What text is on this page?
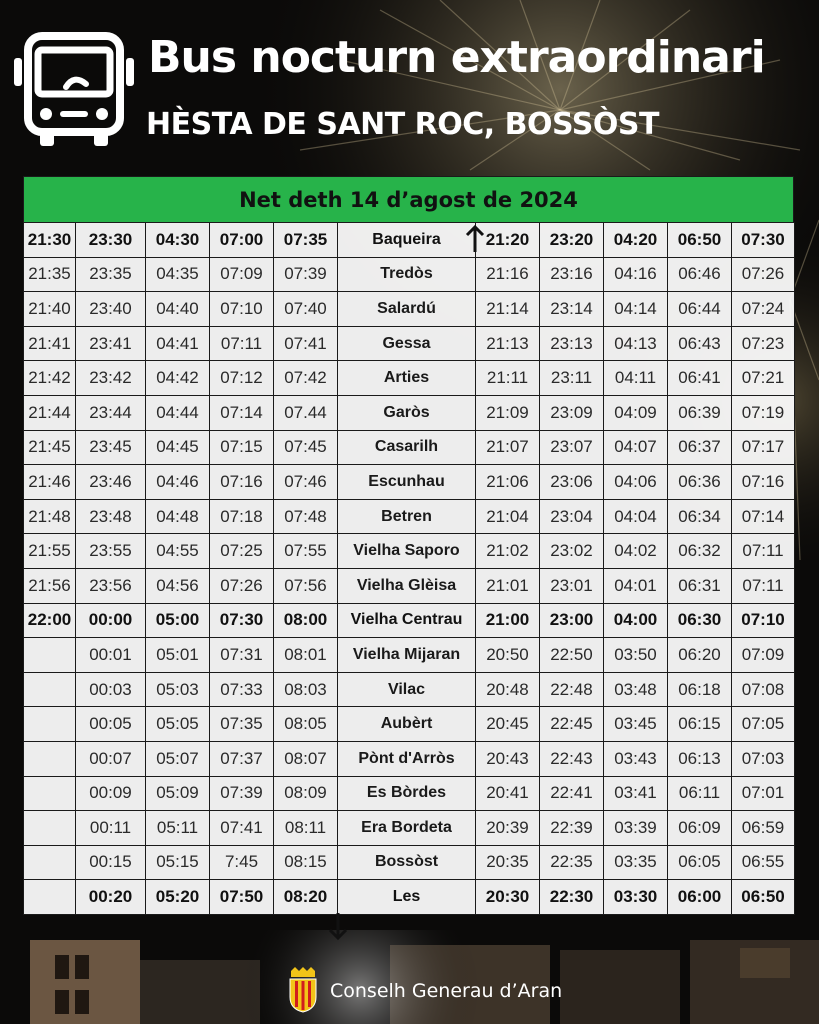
Bus nocturn extraordinari
HÈSTA DE SANT ROC, BOSSÒST
Net deth 14 d’agost de 2024
21:30	23:30	04:30	07:00	07:35	Baqueira	21:20	23:20	04:20	06:50	07:30
21:35	23:35	04:35	07:09	07:39	Tredòs	21:16	23:16	04:16	06:46	07:26
21:40	23:40	04:40	07:10	07:40	Salardú	21:14	23:14	04:14	06:44	07:24
21:41	23:41	04:41	07:11	07:41	Gessa	21:13	23:13	04:13	06:43	07:23
21:42	23:42	04:42	07:12	07:42	Arties	21:11	23:11	04:11	06:41	07:21
21:44	23:44	04:44	07:14	07.44	Garòs	21:09	23:09	04:09	06:39	07:19
21:45	23:45	04:45	07:15	07:45	Casarilh	21:07	23:07	04:07	06:37	07:17
21:46	23:46	04:46	07:16	07:46	Escunhau	21:06	23:06	04:06	06:36	07:16
21:48	23:48	04:48	07:18	07:48	Betren	21:04	23:04	04:04	06:34	07:14
21:55	23:55	04:55	07:25	07:55	Vielha Saporo	21:02	23:02	04:02	06:32	07:11
21:56	23:56	04:56	07:26	07:56	Vielha Glèisa	21:01	23:01	04:01	06:31	07:11
22:00	00:00	05:00	07:30	08:00	Vielha Centrau	21:00	23:00	04:00	06:30	07:10
	00:01	05:01	07:31	08:01	Vielha Mijaran	20:50	22:50	03:50	06:20	07:09
	00:03	05:03	07:33	08:03	Vilac	20:48	22:48	03:48	06:18	07:08
	00:05	05:05	07:35	08:05	Aubèrt	20:45	22:45	03:45	06:15	07:05
	00:07	05:07	07:37	08:07	Pònt d'Arròs	20:43	22:43	03:43	06:13	07:03
	00:09	05:09	07:39	08:09	Es Bòrdes	20:41	22:41	03:41	06:11	07:01
	00:11	05:11	07:41	08:11	Era Bordeta	20:39	22:39	03:39	06:09	06:59
	00:15	05:15	7:45	08:15	Bossòst	20:35	22:35	03:35	06:05	06:55
	00:20	05:20	07:50	08:20	Les	20:30	22:30	03:30	06:00	06:50

Conselh Generau d’Aran
